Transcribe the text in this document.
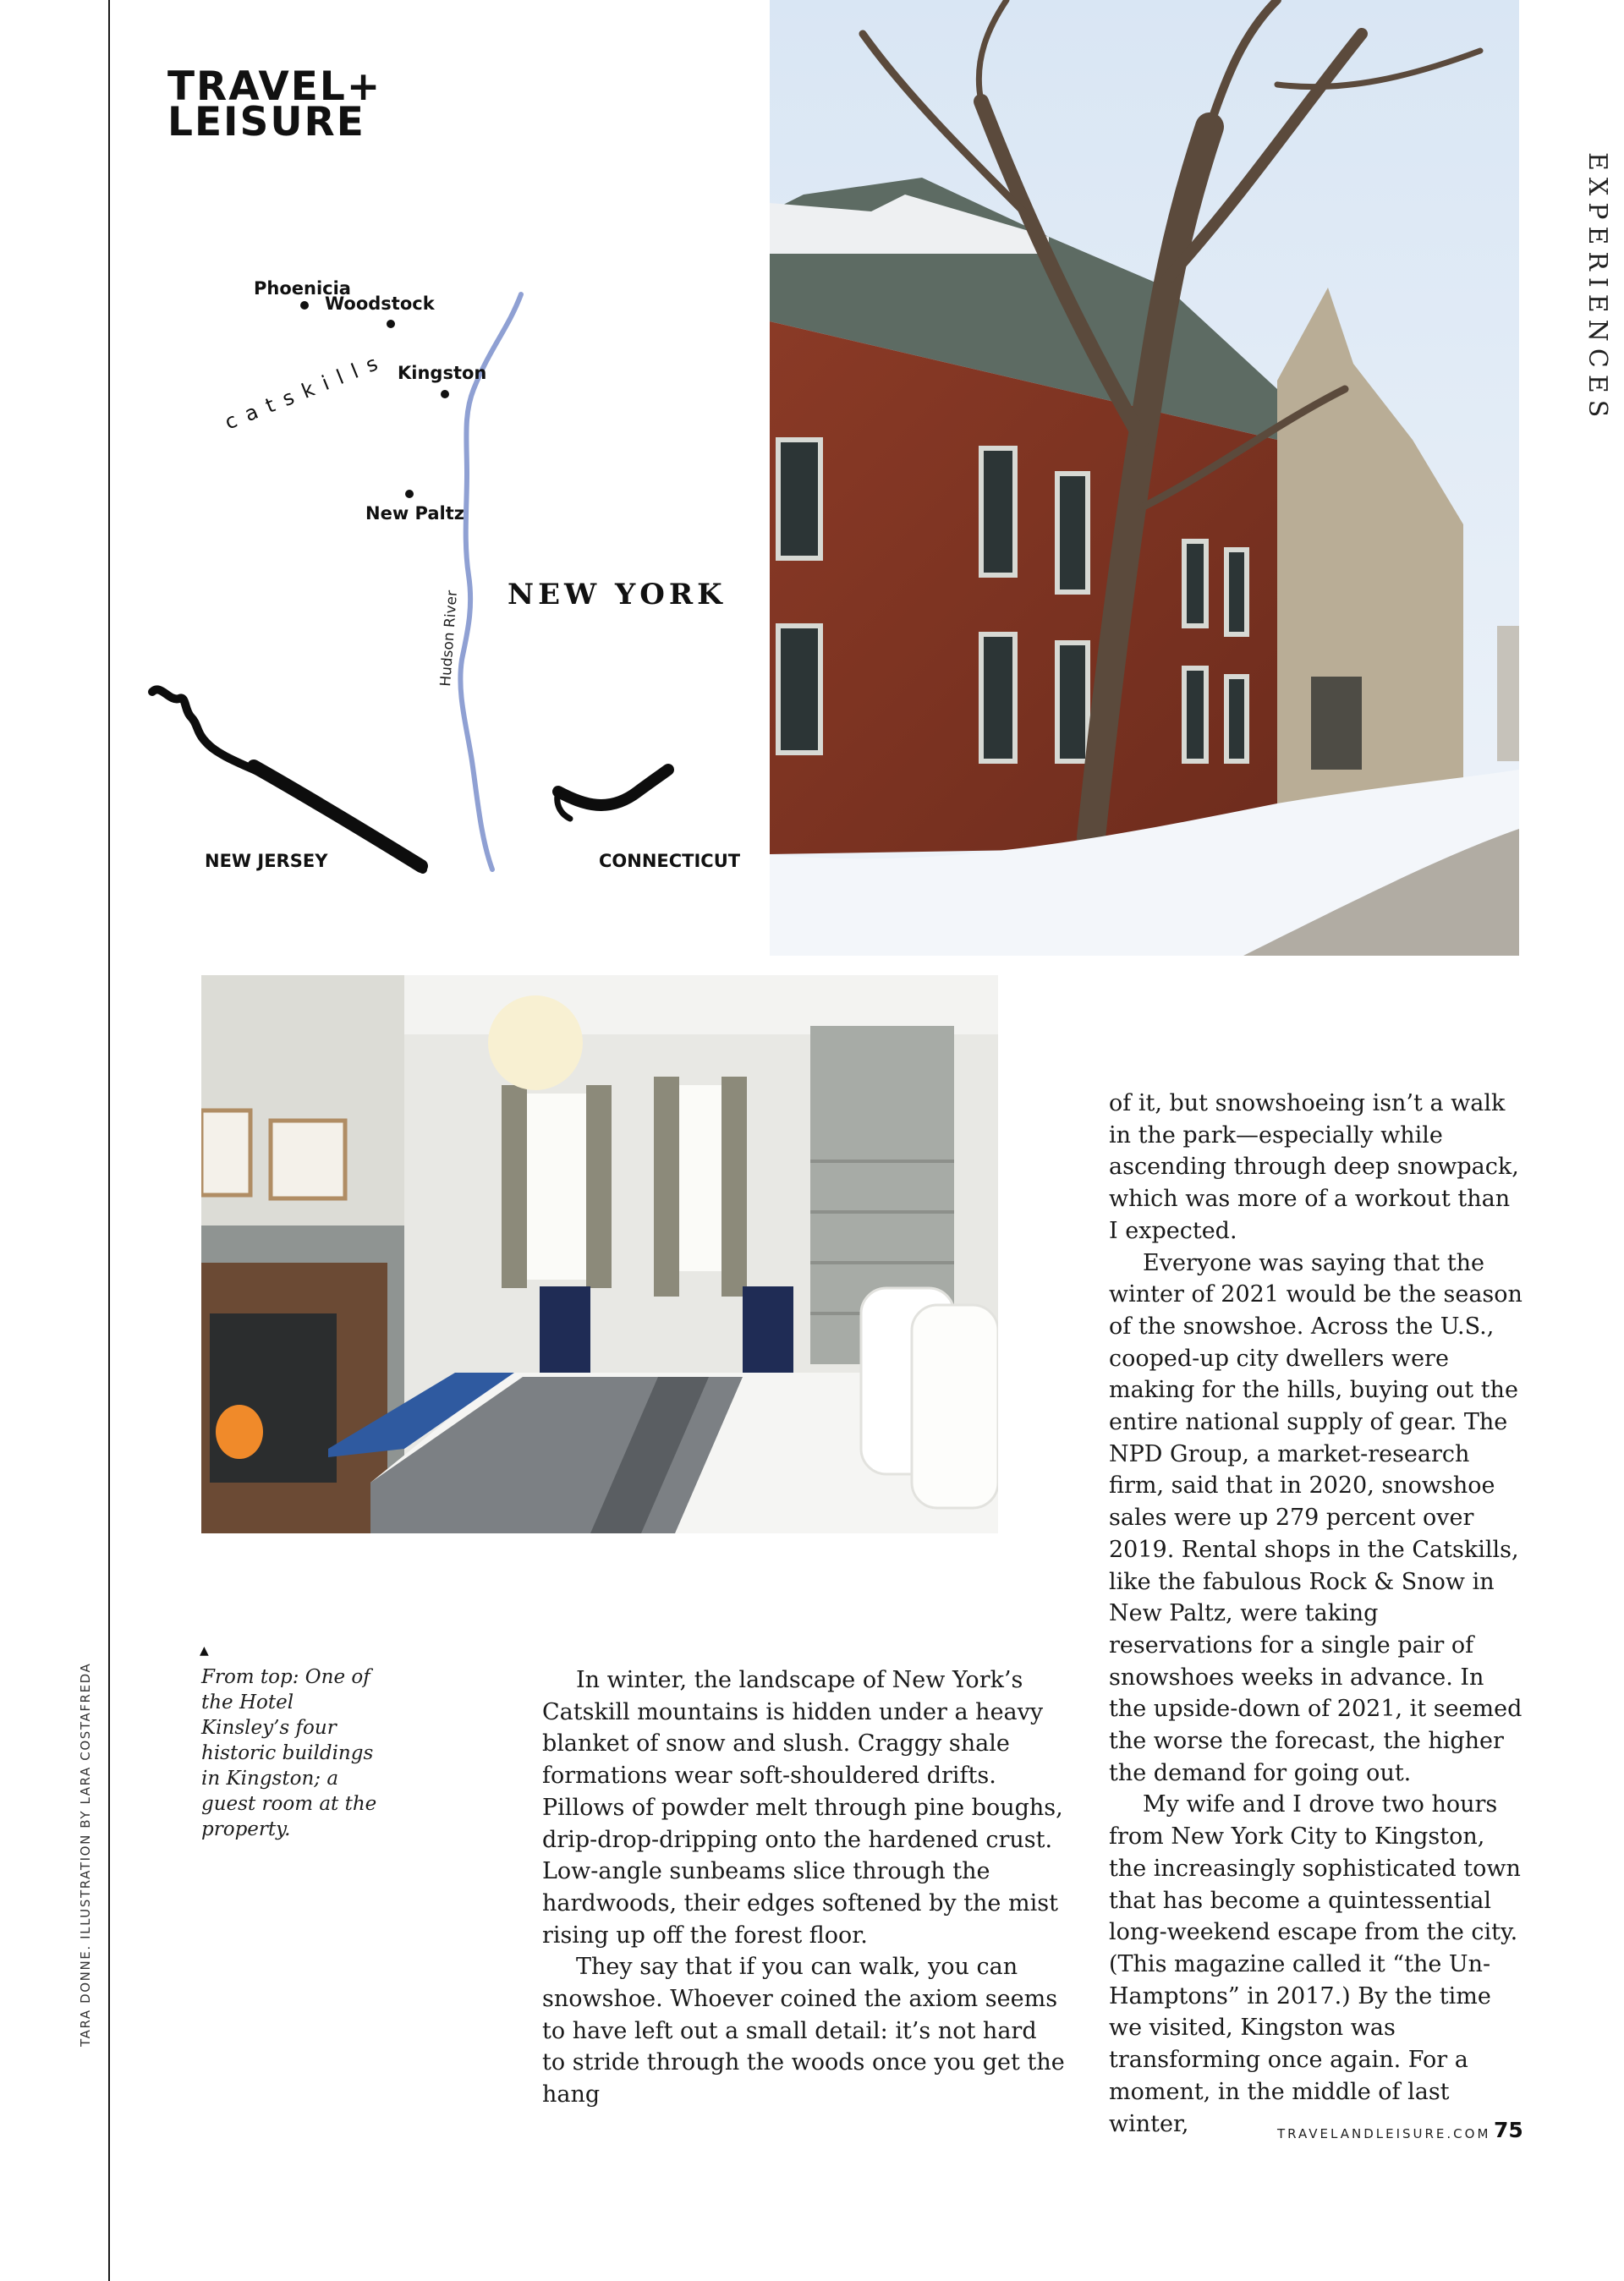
TRAVEL+
LEISURE
Phoenicia
Woodstock
Kingston
New Paltz
catskills
Hudson River NEW YORK
NEW JERSEY	CONNECTICUT
EXPERIENCES
TARA DONNE. ILLUSTRATION BY LARA COSTAFREDA
▲
From top: One of the Hotel Kinsley’s four historic buildings in Kingston; a guest room at the property.

In winter, the landscape of New York’s Catskill mountains is hidden under a heavy blanket of snow and slush. Craggy shale formations wear soft-shouldered drifts. Pillows of powder melt through pine boughs, drip-drop-dripping onto the hardened crust. Low-angle sunbeams slice through the hardwoods, their edges softened by the mist rising up off the forest floor.

They say that if you can walk, you can snowshoe. Whoever coined the axiom seems to have left out a small detail: it’s not hard to stride through the woods once you get the hang

of it, but snowshoeing isn’t a walk in the park—especially while ascending through deep snowpack, which was more of a workout than I expected.

Everyone was saying that the winter of 2021 would be the season of the snowshoe. Across the U.S., cooped-up city dwellers were making for the hills, buying out the entire national supply of gear. The NPD Group, a market-research firm, said that in 2020, snowshoe sales were up 279 percent over 2019. Rental shops in the Catskills, like the fabulous Rock & Snow in New Paltz, were taking reservations for a single pair of snowshoes weeks in advance. In the upside-down of 2021, it seemed the worse the forecast, the higher the demand for going out.

My wife and I drove two hours from New York City to Kingston, the increasingly sophisticated town that has become a quintessential long-weekend escape from the city. (This magazine called it “the Un-Hamptons” in 2017.) By the time we visited, Kingston was transforming once again. For a moment, in the middle of last winter,	TRAVELANDLEISURE.COM 75
